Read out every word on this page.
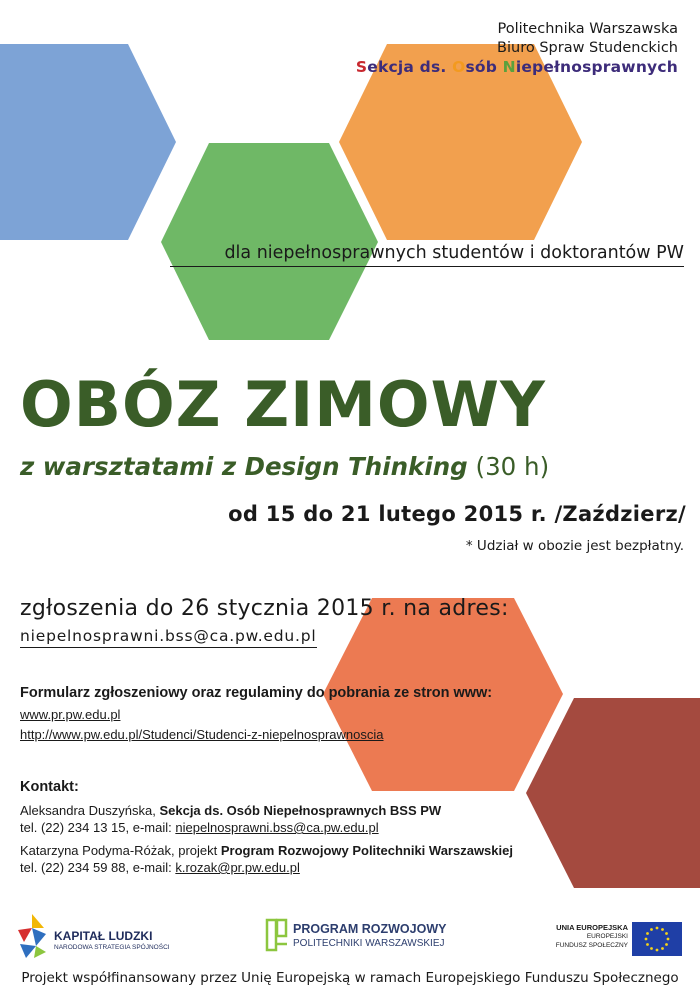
Politechnika Warszawska
Biuro Spraw Studenckich
Sekcja ds. Osób Niepełnosprawnych
dla niepełnosprawnych studentów i doktorantów PW
OBÓZ ZIMOWY
z warsztatami z Design Thinking (30 h)
od 15 do 21 lutego 2015 r. /Zaździerz/
* Udział w obozie jest bezpłatny.
zgłoszenia do 26 stycznia 2015 r. na adres:
niepelnosprawni.bss@ca.pw.edu.pl
Formularz zgłoszeniowy oraz regulaminy do pobrania ze stron www:
www.pr.pw.edu.pl
http://www.pw.edu.pl/Studenci/Studenci-z-niepelnosprawnoscia
Kontakt:
Aleksandra Duszyńska, Sekcja ds. Osób Niepełnosprawnych BSS PW
tel. (22) 234 13 15, e-mail: niepelnosprawni.bss@ca.pw.edu.pl
Katarzyna Podyma-Różak, projekt Program Rozwojowy Politechniki Warszawskiej
tel. (22) 234 59 88, e-mail: k.rozak@pr.pw.edu.pl
KAPITAŁ LUDZKI
NARODOWA STRATEGIA SPÓJNOŚCI
PROGRAM ROZWOJOWY
POLITECHNIKI WARSZAWSKIEJ
UNIA EUROPEJSKA
EUROPEJSKI
FUNDUSZ SPOŁECZNY
Projekt współfinansowany przez Unię Europejską w ramach Europejskiego Funduszu Społecznego
